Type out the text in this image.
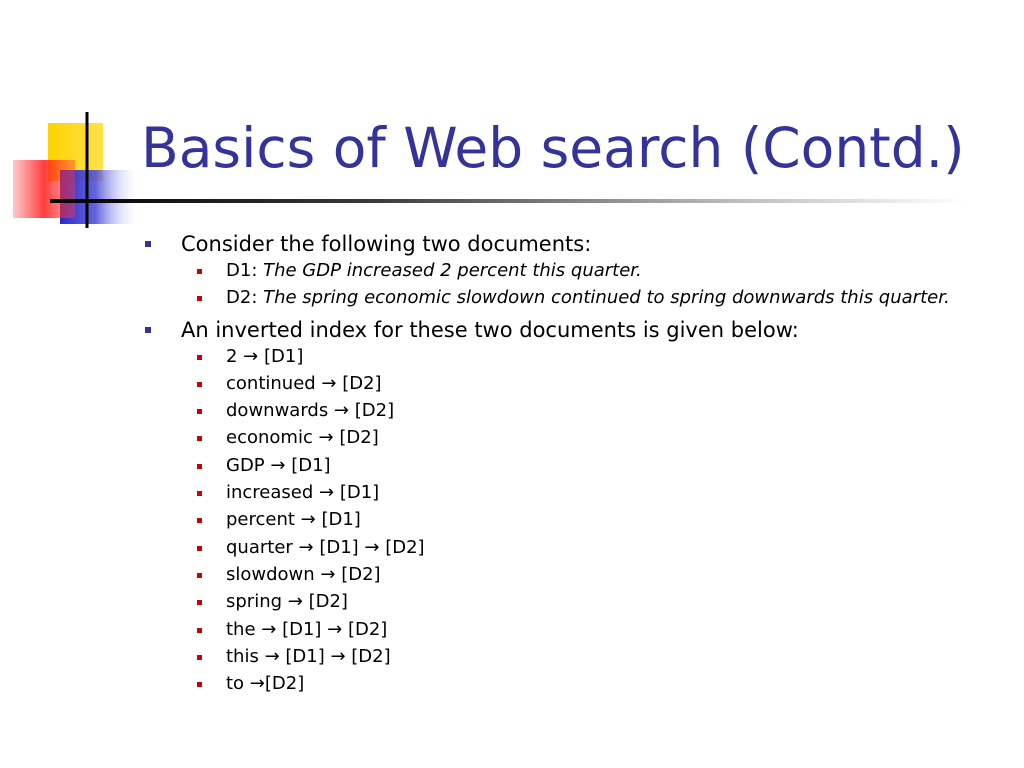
Basics of Web search (Contd.)
Consider the following two documents:
D1: The GDP increased 2 percent this quarter.
D2: The spring economic slowdown continued to spring downwards this quarter.
An inverted index for these two documents is given below:
2 → [D1]
continued → [D2]
downwards → [D2]
economic → [D2]
GDP → [D1]
increased → [D1]
percent → [D1]
quarter → [D1] → [D2]
slowdown → [D2]
spring → [D2]
the → [D1] → [D2]
this → [D1] → [D2]
to →[D2]
